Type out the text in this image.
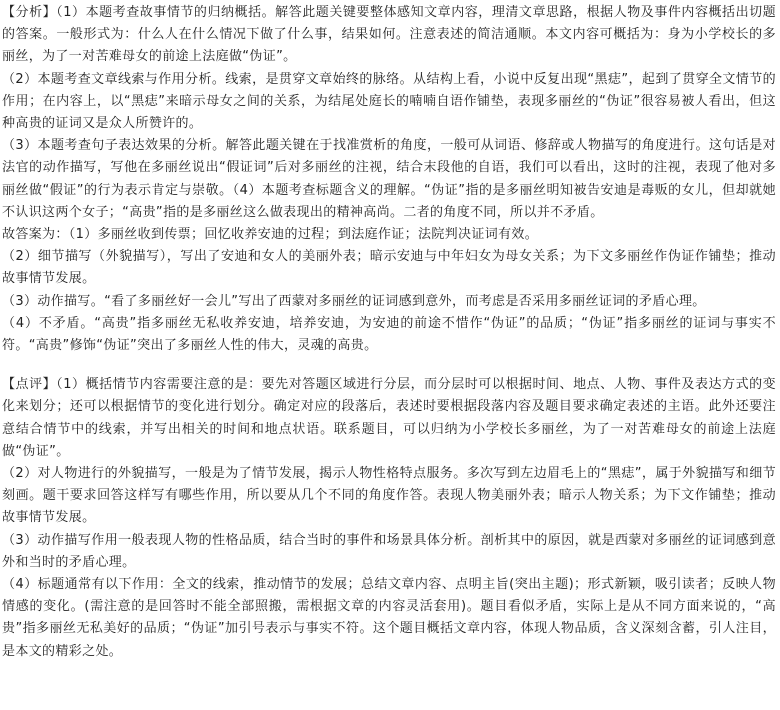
【分析】（1）本题考查故事情节的归纳概括。解答此题关键要整体感知文章内容，理清文章思路，根据人物及事件内容概括出切题的答案。一般形式为：什么人在什么情况下做了什么事，结果如何。注意表述的简洁通顺。本文内容可概括为：身为小学校长的多丽丝，为了一对苦难母女的前途上法庭做“伪证”。

（2）本题考查文章线索与作用分析。线索，是贯穿文章始终的脉络。从结构上看，小说中反复出现“黑痣”，起到了贯穿全文情节的作用；在内容上，以“黑痣”来暗示母女之间的关系，为结尾处庭长的喃喃自语作铺垫，表现多丽丝的“伪证”很容易被人看出，但这种高贵的证词又是众人所赞许的。

（3）本题考查句子表达效果的分析。解答此题关键在于找准赏析的角度，一般可从词语、修辞或人物描写的角度进行。这句话是对法官的动作描写，写他在多丽丝说出“假证词”后对多丽丝的注视，结合末段他的自语，我们可以看出，这时的注视，表现了他对多丽丝做“假证”的行为表示肯定与崇敬。（4）本题考查标题含义的理解。“伪证”指的是多丽丝明知被告安迪是毒贩的女儿，但却就她不认识这两个女子；“高贵”指的是多丽丝这么做表现出的精神高尚。二者的角度不同，所以并不矛盾。

故答案为：（1）多丽丝收到传票；回忆收养安迪的过程；到法庭作证；法院判决证词有效。

（2）细节描写（外貌描写），写出了安迪和女人的美丽外表；暗示安迪与中年妇女为母女关系；为下文多丽丝作伪证作铺垫；推动故事情节发展。

（3）动作描写。“看了多丽丝好一会儿”写出了西蒙对多丽丝的证词感到意外，而考虑是否采用多丽丝证词的矛盾心理。

（4）不矛盾。“高贵”指多丽丝无私收养安迪，培养安迪，为安迪的前途不惜作“伪证”的品质；“伪证”指多丽丝的证词与事实不符。“高贵”修饰“伪证”突出了多丽丝人性的伟大，灵魂的高贵。

【点评】（1）概括情节内容需要注意的是：要先对答题区域进行分层，而分层时可以根据时间、地点、人物、事件及表达方式的变化来划分；还可以根据情节的变化进行划分。确定对应的段落后，表述时要根据段落内容及题目要求确定表述的主语。此外还要注意结合情节中的线索，并写出相关的时间和地点状语。联系题目，可以归纳为小学校长多丽丝，为了一对苦难母女的前途上法庭做“伪证”。

（2）对人物进行的外貌描写，一般是为了情节发展，揭示人物性格特点服务。多次写到左边眉毛上的“黑痣”，属于外貌描写和细节刻画。题干要求回答这样写有哪些作用，所以要从几个不同的角度作答。表现人物美丽外表；暗示人物关系；为下文作铺垫；推动故事情节发展。

（3）动作描写作用一般表现人物的性格品质，结合当时的事件和场景具体分析。剖析其中的原因，就是西蒙对多丽丝的证词感到意外和当时的矛盾心理。

（4）标题通常有以下作用：全文的线索，推动情节的发展；总结文章内容、点明主旨(突出主题)；形式新颖，吸引读者；反映人物情感的变化。(需注意的是回答时不能全部照搬，需根据文章的内容灵活套用)。题目看似矛盾，实际上是从不同方面来说的，“高贵”指多丽丝无私美好的品质；“伪证”加引号表示与事实不符。这个题目概括文章内容，体现人物品质，含义深刻含蓄，引人注目，是本文的精彩之处。
